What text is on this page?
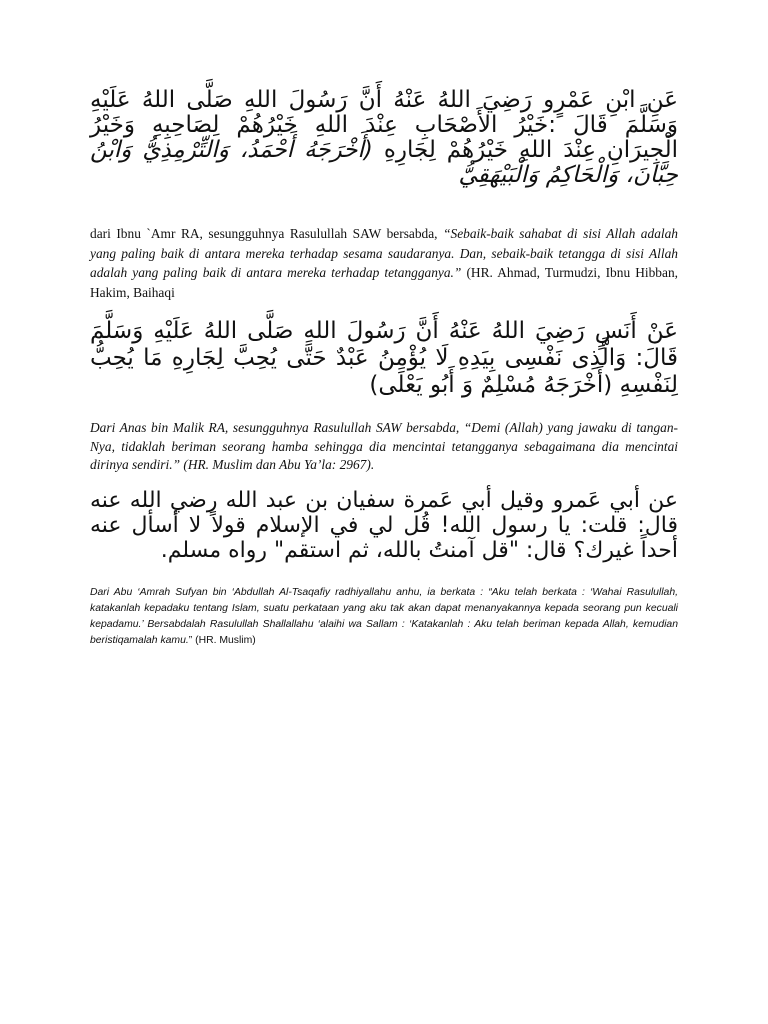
عَنِ ابْنِ عَمْرٍو رَضِيَ اللهُ عَنْهُ أَنَّ رَسُولَ اللهِ صَلَّى اللهُ عَلَيْهِ وَسَلَّمَ قَالَ :خَيْرُ الأَصْحَابِ عِنْدَ اللهِ خَيْرُهُمْ لِصَاحِبِهِ وَخَيْرُ الْجِيرَانِ عِنْدَ اللهِ خَيْرُهُمْ لِجَارِهِ (أَخْرَجَهُ أَحْمَدُ، وَالتِّرْمِذِيُّ وَابْنُ حِبَّانَ، وَالْحَاكِمُ وَالْبَيْهَقِيُّ

dari Ibnu `Amr RA, sesungguhnya Rasulullah SAW bersabda, “Sebaik-baik sahabat di sisi Allah adalah yang paling baik di antara mereka terhadap sesama saudaranya. Dan, sebaik-baik tetangga di sisi Allah adalah yang paling baik di antara mereka terhadap tetangganya.” (HR. Ahmad, Turmudzi, Ibnu Hibban, Hakim, Baihaqi

عَنْ أَنَسٍ رَضِيَ اللهُ عَنْهُ أَنَّ رَسُولَ اللهِ صَلَّى اللهُ عَلَيْهِ وَسَلَّمَ قَالَ: وَالَّذِى نَفْسِى بِيَدِهِ لَا يُؤْمِنُ عَبْدٌ حَتَّى يُحِبَّ لِجَارِهِ مَا يُحِبُّ لِنَفْسِهِ (أَخْرَجَهُ مُسْلِمٌ وَ أَبُو يَعْلَى)

Dari Anas bin Malik RA, sesungguhnya Rasulullah SAW bersabda, “Demi (Allah) yang jawaku di tangan-Nya, tidaklah beriman seorang hamba sehingga dia mencintai tetangganya sebagaimana dia mencintai dirinya sendiri.” (HR. Muslim dan Abu Ya’la: 2967).

عن أبي عَمرو وقيل أبي عَمرة سفيان بن عبد الله رضي الله عنه قال: قلت: يا رسول الله! قُل لي في الإسلام قولاً لا أسأل عنه أحداً غيرك؟ قال: "قل آمنتُ بالله، ثم استقم" رواه مسلم.

Dari Abu ‘Amrah Sufyan bin ‘Abdullah Al-Tsaqafiy radhiyallahu anhu, ia berkata : “Aku telah berkata : ‘Wahai Rasulullah, katakanlah kepadaku tentang Islam, suatu perkataan yang aku tak akan dapat menanyakannya kepada seorang pun kecuali kepadamu.’ Bersabdalah Rasulullah Shallallahu ‘alaihi wa Sallam : ‘Katakanlah : Aku telah beriman kepada Allah, kemudian beristiqamalah kamu.” (HR. Muslim)
